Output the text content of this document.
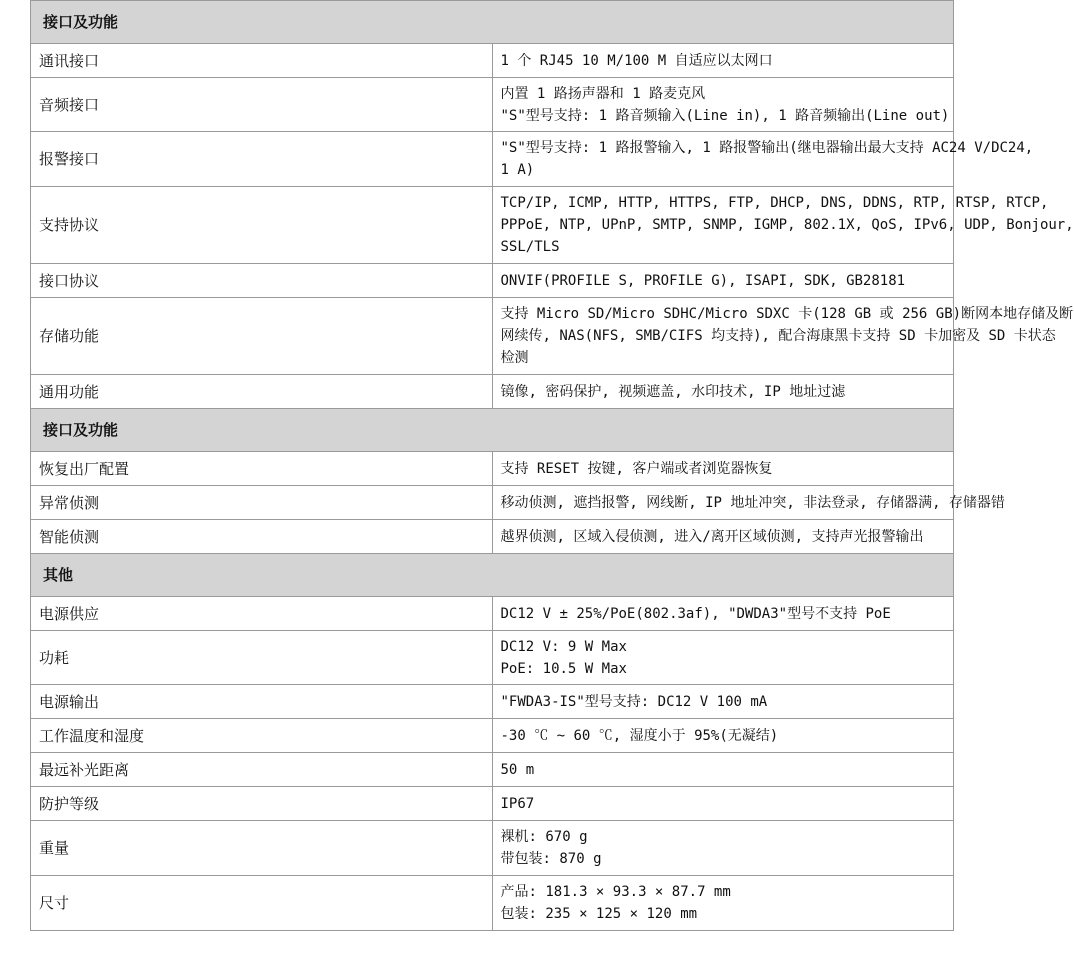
接口及功能	
通讯接口	1 个 RJ45 10 M/100 M 自适应以太网口

音频接口	内置 1 路扬声器和 1 路麦克风
"S"型号支持: 1 路音频输入(Line in), 1 路音频输出(Line out)

报警接口	"S"型号支持: 1 路报警输入, 1 路报警输出(继电器输出最大支持 AC24 V/DC24,
1 A)

支持协议	TCP/IP, ICMP, HTTP, HTTPS, FTP, DHCP, DNS, DDNS, RTP, RTSP, RTCP,
PPPoE, NTP, UPnP, SMTP, SNMP, IGMP, 802.1X, QoS, IPv6, UDP, Bonjour,
SSL/TLS

接口协议	ONVIF(PROFILE S, PROFILE G), ISAPI, SDK, GB28181

存储功能	支持 Micro SD/Micro SDHC/Micro SDXC 卡(128 GB 或 256 GB)断网本地存储及断
网续传, NAS(NFS, SMB/CIFS 均支持), 配合海康黑卡支持 SD 卡加密及 SD 卡状态
检测

通用功能	镜像, 密码保护, 视频遮盖, 水印技术, IP 地址过滤

接口及功能	
恢复出厂配置	支持 RESET 按键, 客户端或者浏览器恢复

异常侦测	移动侦测, 遮挡报警, 网线断, IP 地址冲突, 非法登录, 存储器满, 存储器错

智能侦测	越界侦测, 区域入侵侦测, 进入/离开区域侦测, 支持声光报警输出

其他	
电源供应	DC12 V ± 25%/PoE(802.3af), "DWDA3"型号不支持 PoE

功耗	DC12 V: 9 W Max
PoE: 10.5 W Max

电源输出	"FWDA3-IS"型号支持: DC12 V 100 mA

工作温度和湿度	-30 ℃ ~ 60 ℃, 湿度小于 95%(无凝结)

最远补光距离	50 m

防护等级	IP67

重量	裸机: 670 g
带包装: 870 g

尺寸	产品: 181.3 × 93.3 × 87.7 mm
包装: 235 × 125 × 120 mm
